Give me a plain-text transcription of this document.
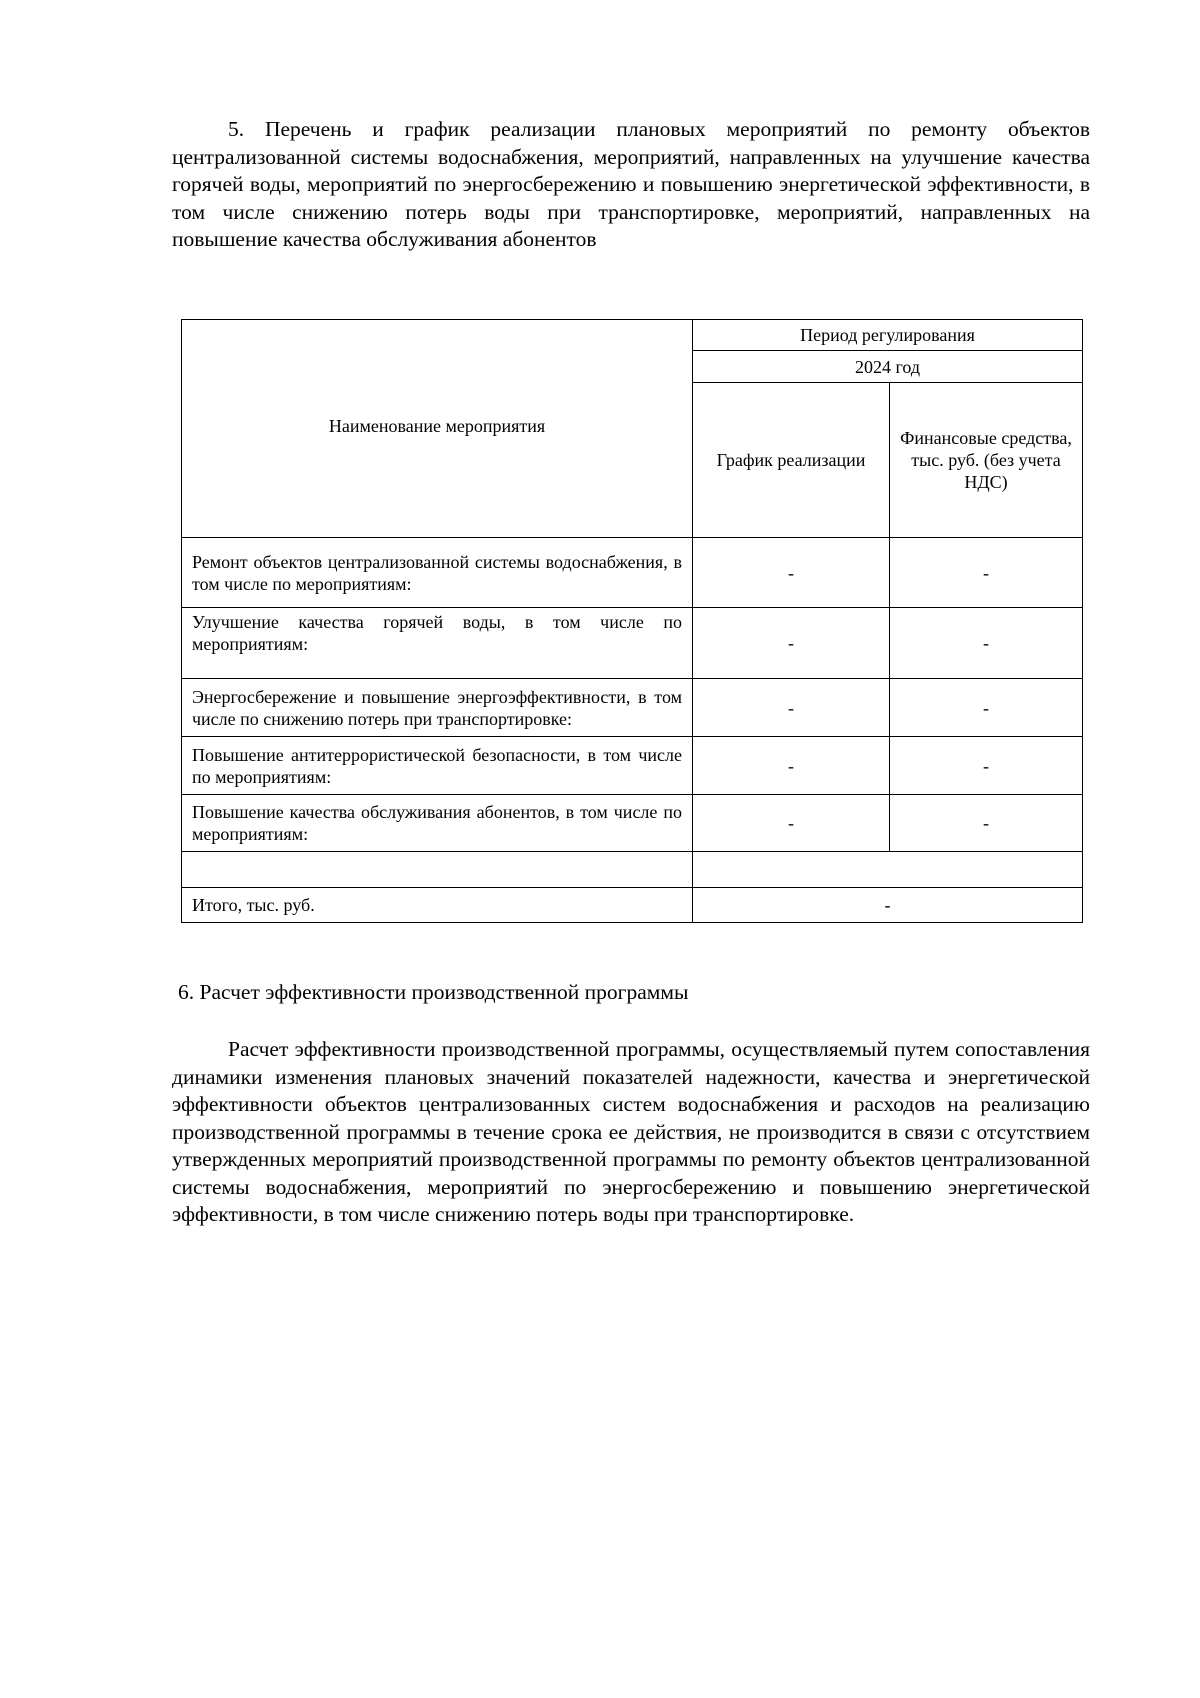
5. Перечень и график реализации плановых мероприятий по ремонту объектов централизованной системы водоснабжения, мероприятий, направленных на улучшение качества горячей воды, мероприятий по энергосбережению и повышению энергетической эффективности, в том числе снижению потерь воды при транспортировке, мероприятий, направленных на повышение качества обслуживания абонентов

Наименование мероприятия	Период регулирования	
	2024 год	
	График реализации	Финансовые средства, тыс. руб. (без учета НДС)
Ремонт объектов централизованной системы водоснабжения, в том числе по мероприятиям:	-	-
Улучшение качества горячей воды, в том числе по мероприятиям:	-	-
Энергосбережение и повышение энергоэффективности, в том числе по снижению потерь при транспортировке:	-	-
Повышение антитеррористической безопасности, в том числе по мероприятиям:	-	-
Повышение качества обслуживания абонентов, в том числе по мероприятиям:	-	-

Итого, тыс. руб.	-	

6. Расчет эффективности производственной программы

Расчет эффективности производственной программы, осуществляемый путем сопоставления динамики изменения плановых значений показателей надежности, качества и энергетической эффективности объектов централизованных систем водоснабжения и расходов на реализацию производственной программы в течение срока ее действия, не производится в связи с отсутствием утвержденных мероприятий производственной программы по ремонту объектов централизованной системы водоснабжения, мероприятий по энергосбережению и повышению энергетической эффективности, в том числе снижению потерь воды при транспортировке.
